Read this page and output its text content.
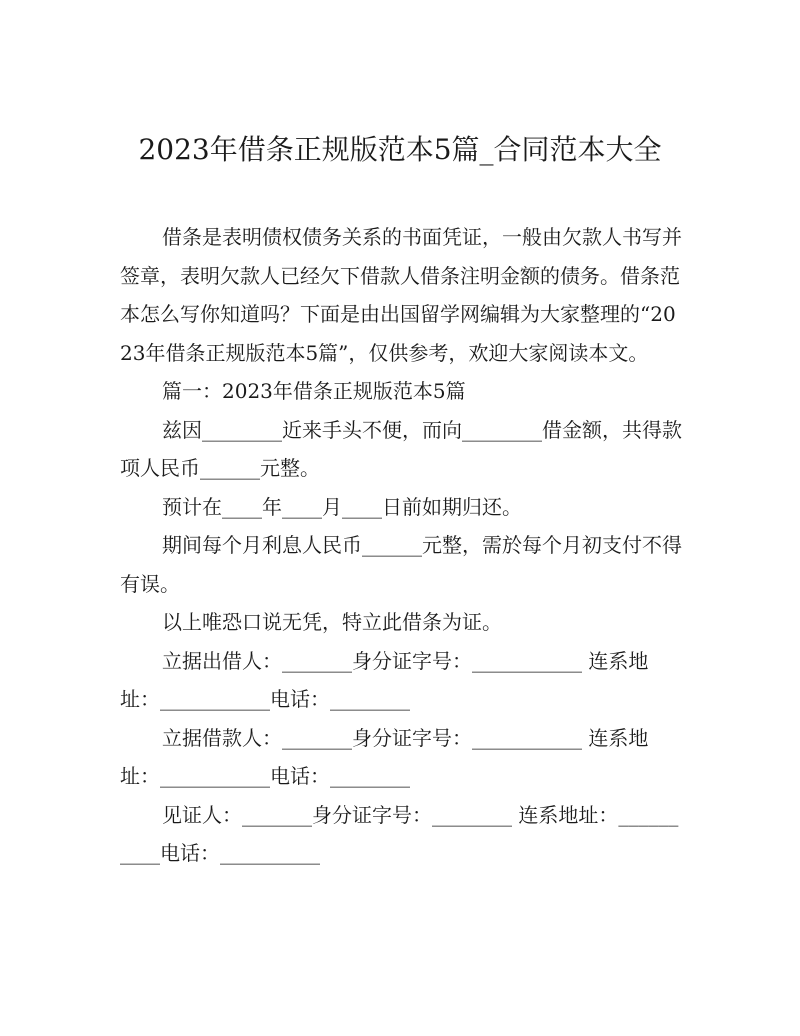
2023年借条正规版范本5篇_合同范本大全

借条是表明债权债务关系的书面凭证，一般由欠款人书写并签章，表明欠款人已经欠下借款人借条注明金额的债务。借条范本怎么写你知道吗？下面是由出国留学网编辑为大家整理的“2023年借条正规版范本5篇”，仅供参考，欢迎大家阅读本文。

篇一：2023年借条正规版范本5篇

兹因________近来手头不便，而向________借金额，共得款项人民币______元整。

预计在____年____月____日前如期归还。

期间每个月利息人民币______元整，需於每个月初支付不得有误。

以上唯恐口说无凭，特立此借条为证。

立据出借人：_______身分证字号：___________ 连系地址：___________电话：________

立据借款人：_______身分证字号：___________ 连系地址：___________电话：________

见证人：_______身分证字号：________ 连系地址：__________电话：__________
